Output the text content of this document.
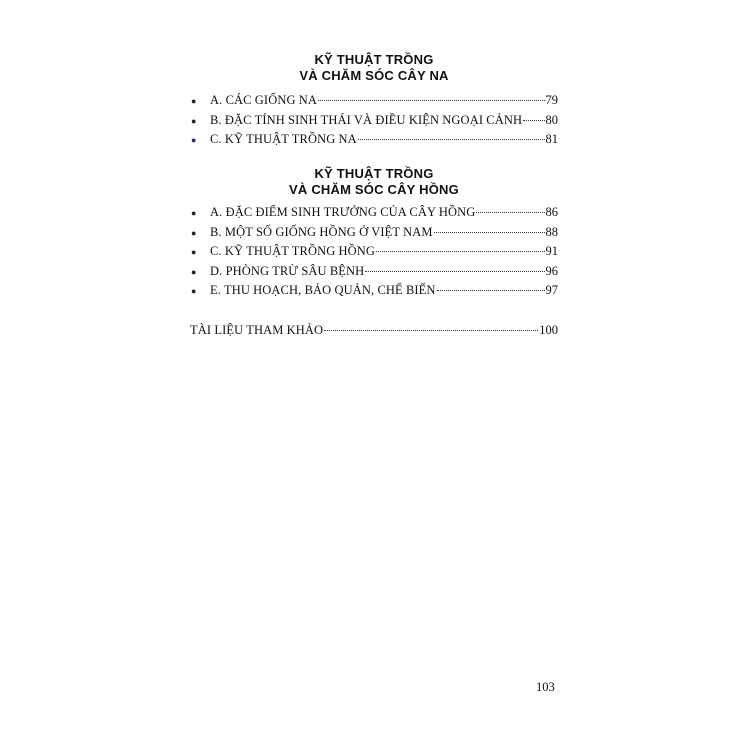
KỸ THUẬT TRỒNG
VÀ CHĂM SÓC CÂY NA
●	A. CÁC GIỐNG NA	79
●	B. ĐẶC TÍNH SINH THÁI VÀ ĐIỀU KIỆN NGOẠI CẢNH 80
●	C. KỸ THUẬT TRỒNG NA	81
KỸ THUẬT TRỒNG
VÀ CHĂM SÓC CÂY HỒNG
●	A. ĐẶC ĐIỂM SINH TRƯỞNG CỦA CÂY HỒNG	86
●	B. MỘT SỐ GIỐNG HỒNG Ở VIỆT NAM	88
●	C. KỸ THUẬT TRỒNG HỒNG	91
●	D. PHÒNG TRỪ SÂU BỆNH	96
●	E. THU HOẠCH, BẢO QUẢN, CHẾ BIẾN	97
TÀI LIỆU THAM KHẢO	100
103
